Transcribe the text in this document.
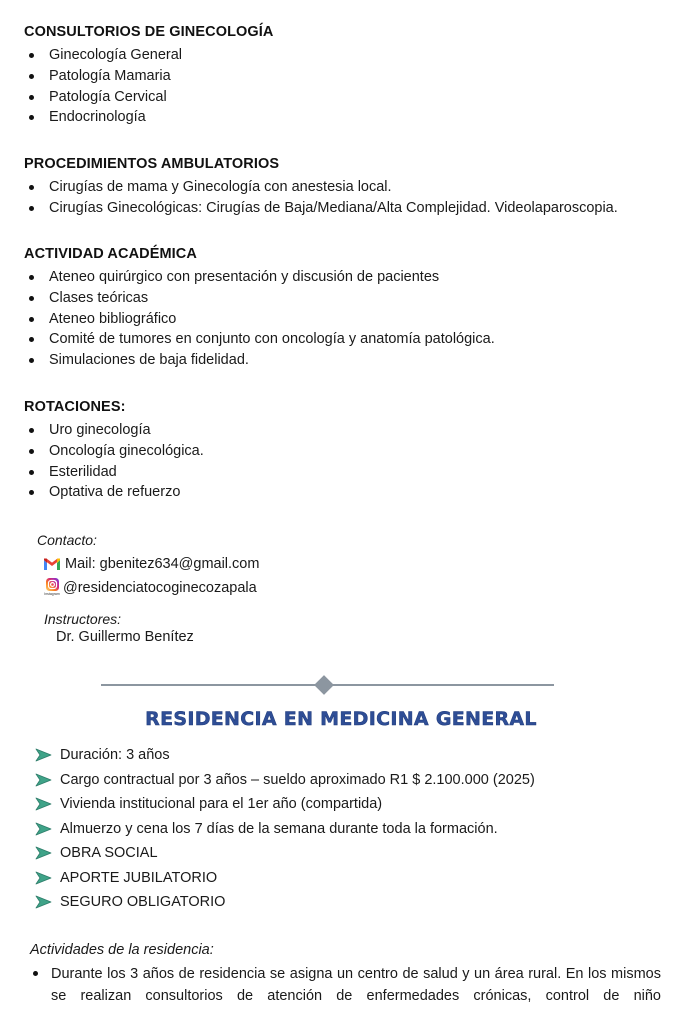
CONSULTORIOS DE GINECOLOGÍA
Ginecología General
Patología Mamaria
Patología Cervical
Endocrinología
PROCEDIMIENTOS AMBULATORIOS
Cirugías de mama y Ginecología con anestesia local.
Cirugías Ginecológicas: Cirugías de Baja/Mediana/Alta Complejidad. Videolaparoscopia.
ACTIVIDAD ACADÉMICA
Ateneo quirúrgico con presentación y discusión de pacientes
Clases teóricas
Ateneo bibliográfico
Comité de tumores en conjunto con oncología y anatomía patológica.
Simulaciones de baja fidelidad.
ROTACIONES:
Uro ginecología
Oncología ginecológica.
Esterilidad
Optativa de refuerzo
Contacto:
Mail: gbenitez634@gmail.com
Instagram @residenciatocoginecozapala
Instructores:
Dr. Guillermo Benítez
RESIDENCIA EN MEDICINA GENERAL
Duración: 3 años
Cargo contractual por 3 años – sueldo aproximado R1 $ 2.100.000 (2025)
Vivienda institucional para el 1er año (compartida)
Almuerzo y cena los 7 días de la semana durante toda la formación.
OBRA SOCIAL
APORTE JUBILATORIO
SEGURO OBLIGATORIO
Actividades de la residencia:
Durante los 3 años de residencia se asigna un centro de salud y un área rural. En los mismos se realizan consultorios de atención de enfermedades crónicas, control de niño
